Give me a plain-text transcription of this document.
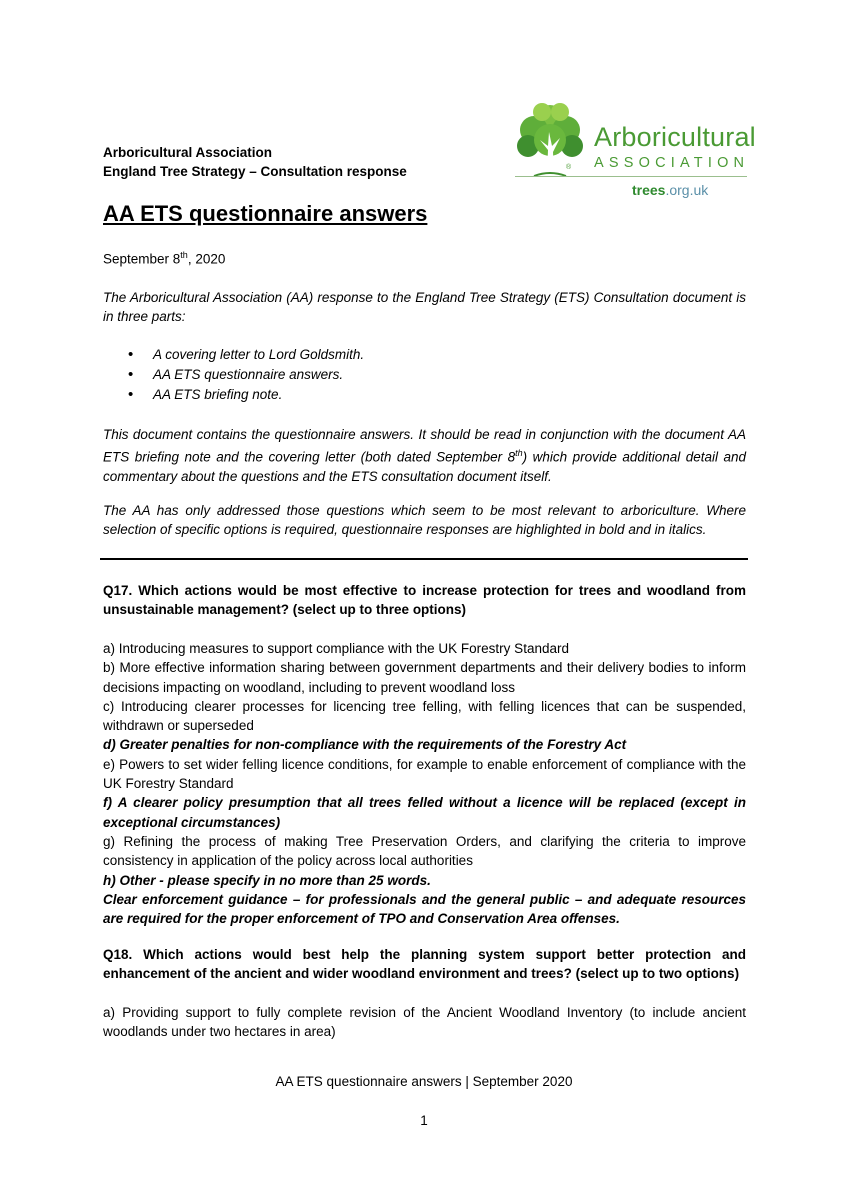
Arboricultural Association
England Tree Strategy – Consultation response	®
Arboricultural
ASSOCIATION
trees.org.uk
AA ETS questionnaire answers
September 8th, 2020
The Arboricultural Association (AA) response to the England Tree Strategy (ETS) Consultation document is in three parts:
• A covering letter to Lord Goldsmith.
• AA ETS questionnaire answers.
• AA ETS briefing note.
This document contains the questionnaire answers. It should be read in conjunction with the document AA ETS briefing note and the covering letter (both dated September 8th) which provide additional detail and commentary about the questions and the ETS consultation document itself.
The AA has only addressed those questions which seem to be most relevant to arboriculture. Where selection of specific options is required, questionnaire responses are highlighted in bold and in italics.
Q17. Which actions would be most effective to increase protection for trees and woodland from unsustainable management? (select up to three options)
a) Introducing measures to support compliance with the UK Forestry Standard
b) More effective information sharing between government departments and their delivery bodies to inform decisions impacting on woodland, including to prevent woodland loss
c) Introducing clearer processes for licencing tree felling, with felling licences that can be suspended, withdrawn or superseded
d) Greater penalties for non-compliance with the requirements of the Forestry Act
e) Powers to set wider felling licence conditions, for example to enable enforcement of compliance with the UK Forestry Standard
f) A clearer policy presumption that all trees felled without a licence will be replaced (except in exceptional circumstances)
g) Refining the process of making Tree Preservation Orders, and clarifying the criteria to improve consistency in application of the policy across local authorities
h) Other - please specify in no more than 25 words.
Clear enforcement guidance – for professionals and the general public – and adequate resources are required for the proper enforcement of TPO and Conservation Area offenses.
Q18. Which actions would best help the planning system support better protection and enhancement of the ancient and wider woodland environment and trees? (select up to two options)
a) Providing support to fully complete revision of the Ancient Woodland Inventory (to include ancient woodlands under two hectares in area)
AA ETS questionnaire answers | September 2020
1
